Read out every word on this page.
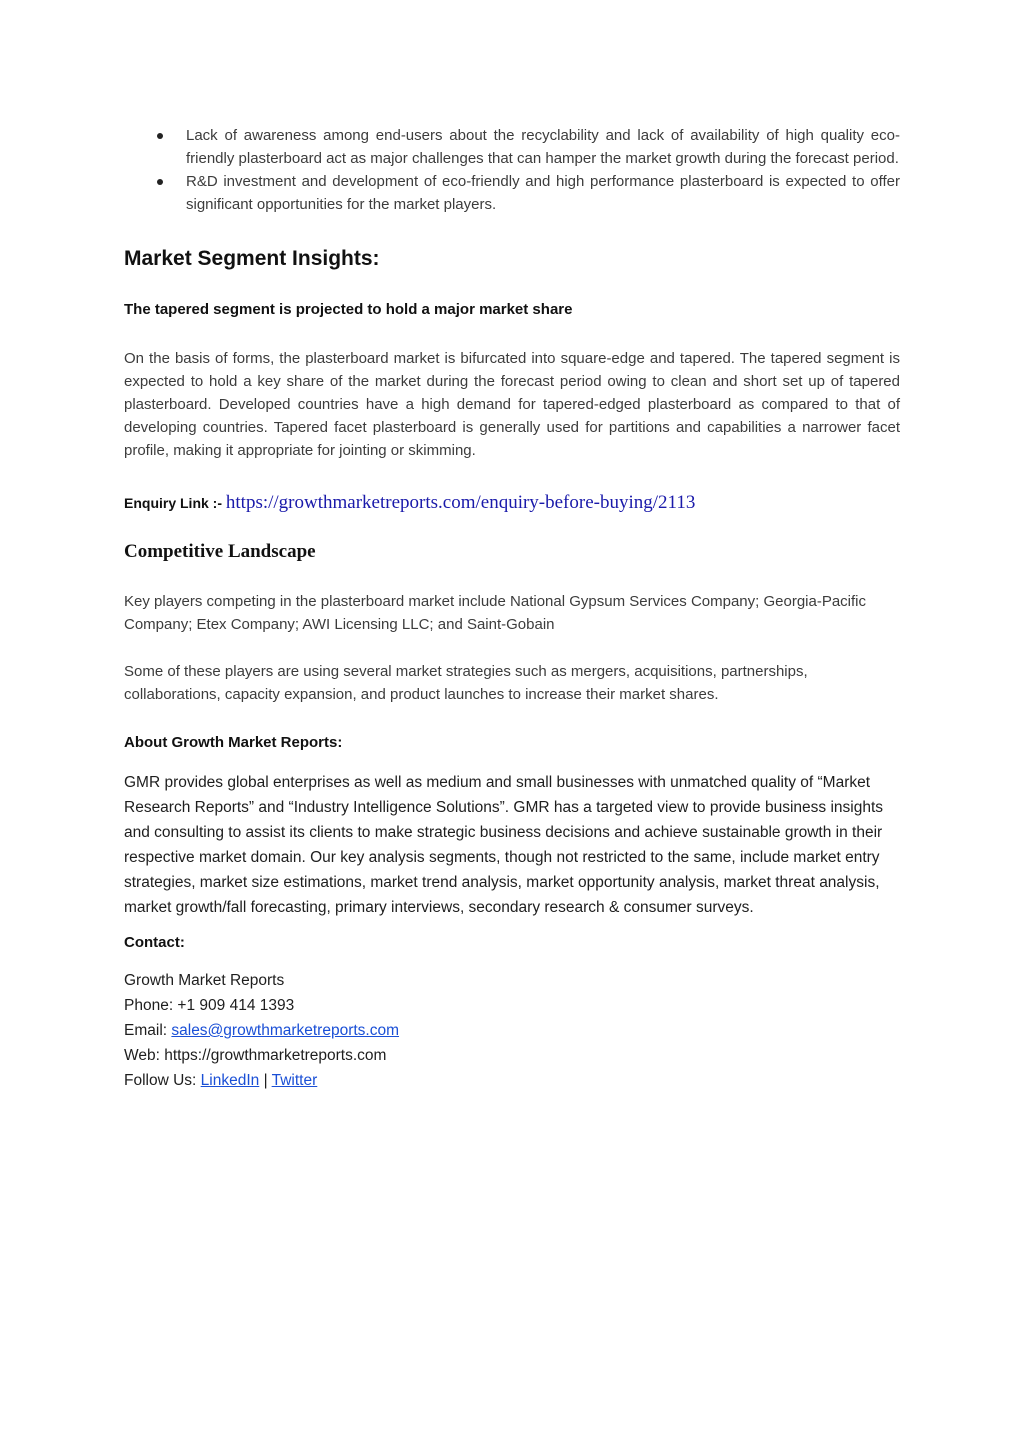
Lack of awareness among end-users about the recyclability and lack of availability of high quality eco-friendly plasterboard act as major challenges that can hamper the market growth during the forecast period.
R&D investment and development of eco-friendly and high performance plasterboard is expected to offer significant opportunities for the market players.
Market Segment Insights:

The tapered segment is projected to hold a major market share

On the basis of forms, the plasterboard market is bifurcated into square-edge and tapered. The tapered segment is expected to hold a key share of the market during the forecast period owing to clean and short set up of tapered plasterboard. Developed countries have a high demand for tapered-edged plasterboard as compared to that of developing countries. Tapered facet plasterboard is generally used for partitions and capabilities a narrower facet profile, making it appropriate for jointing or skimming.

Enquiry Link :- https://growthmarketreports.com/enquiry-before-buying/2113

Competitive Landscape

Key players competing in the plasterboard market include National Gypsum Services Company; Georgia-Pacific Company; Etex Company; AWI Licensing LLC; and Saint-Gobain

Some of these players are using several market strategies such as mergers, acquisitions, partnerships, collaborations, capacity expansion, and product launches to increase their market shares.

About Growth Market Reports:

GMR provides global enterprises as well as medium and small businesses with unmatched quality of “Market Research Reports” and “Industry Intelligence Solutions”. GMR has a targeted view to provide business insights and consulting to assist its clients to make strategic business decisions and achieve sustainable growth in their respective market domain. Our key analysis segments, though not restricted to the same, include market entry strategies, market size estimations, market trend analysis, market opportunity analysis, market threat analysis, market growth/fall forecasting, primary interviews, secondary research & consumer surveys.

Contact:

Growth Market Reports
Phone: +1 909 414 1393
Email: sales@growthmarketreports.com
Web: https://growthmarketreports.com
Follow Us: LinkedIn | Twitter
